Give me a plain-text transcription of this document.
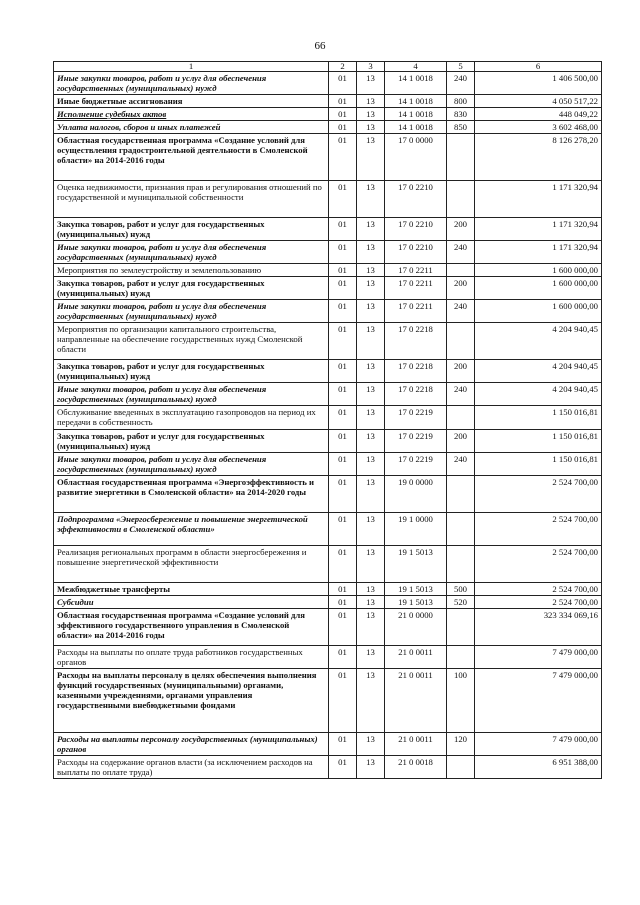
66
1	2	3	4	5	6
Иные закупки товаров, работ и услуг для обеспечения государственных (муниципальных) нужд	01	13	14 1 0018	240	1 406 500,00
Иные бюджетные ассигнования	01	13	14 1 0018	800	4 050 517,22
Исполнение судебных актов	01	13	14 1 0018	830	448 049,22
Уплата налогов, сборов и иных платежей	01	13	14 1 0018	850	3 602 468,00
Областная государственная программа «Создание условий для осуществления градостроительной деятельности в Смоленской области» на 2014-2016 годы	01	13	17 0 0000		8 126 278,20
Оценка недвижимости, признания прав и регулирования отношений по государственной и муниципальной собственности	01	13	17 0 2210		1 171 320,94
Закупка товаров, работ и услуг для государственных (муниципальных) нужд	01	13	17 0 2210	200	1 171 320,94
Иные закупки товаров, работ и услуг для обеспечения государственных (муниципальных) нужд	01	13	17 0 2210	240	1 171 320,94
Мероприятия по землеустройству и землепользованию	01	13	17 0 2211		1 600 000,00
Закупка товаров, работ и услуг для государственных (муниципальных) нужд	01	13	17 0 2211	200	1 600 000,00
Иные закупки товаров, работ и услуг для обеспечения государственных (муниципальных) нужд	01	13	17 0 2211	240	1 600 000,00
Мероприятия по организации капитального строительства, направленные на обеспечение государственных нужд Смоленской области	01	13	17 0 2218		4 204 940,45
Закупка товаров, работ и услуг для государственных (муниципальных) нужд	01	13	17 0 2218	200	4 204 940,45
Иные закупки товаров, работ и услуг для обеспечения государственных (муниципальных) нужд	01	13	17 0 2218	240	4 204 940,45
Обслуживание введенных в эксплуатацию газопроводов на период их передачи в собственность	01	13	17 0 2219		1 150 016,81
Закупка товаров, работ и услуг для государственных (муниципальных) нужд	01	13	17 0 2219	200	1 150 016,81
Иные закупки товаров, работ и услуг для обеспечения государственных (муниципальных) нужд	01	13	17 0 2219	240	1 150 016,81
Областная государственная программа «Энергоэффективность и развитие энергетики в Смоленской области» на 2014-2020 годы	01	13	19 0 0000		2 524 700,00
Подпрограмма «Энергосбережение и повышение энергетической эффективности в Смоленской области»	01	13	19 1 0000		2 524 700,00
Реализация региональных программ в области энергосбережения и повышение энергетической эффективности	01	13	19 1 5013		2 524 700,00
Межбюджетные трансферты	01	13	19 1 5013	500	2 524 700,00
Субсидии	01	13	19 1 5013	520	2 524 700,00
Областная государственная программа «Создание условий для эффективного государственного управления в Смоленской области» на 2014-2016 годы	01	13	21 0 0000		323 334 069,16
Расходы на выплаты по оплате труда работников государственных органов	01	13	21 0 0011		7 479 000,00
Расходы на выплаты персоналу в целях обеспечения выполнения функций государственных (муниципальными) органами, казенными учреждениями, органами управления государственными внебюджетными фондами	01	13	21 0 0011	100	7 479 000,00
Расходы на выплаты персоналу государственных (муниципальных) органов	01	13	21 0 0011	120	7 479 000,00
Расходы на содержание органов власти (за исключением расходов на выплаты по оплате труда)	01	13	21 0 0018		6 951 388,00
